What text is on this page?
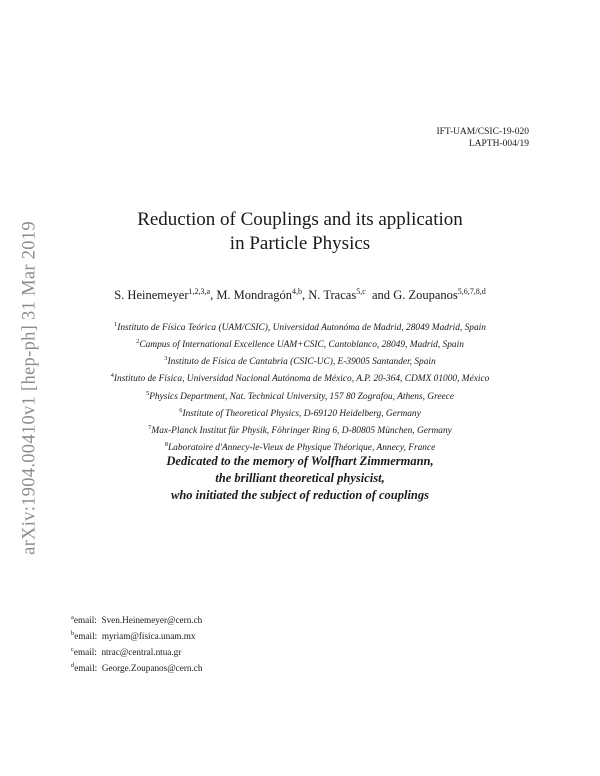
IFT-UAM/CSIC-19-020
LAPTH-004/19
arXiv:1904.00410v1 [hep-ph] 31 Mar 2019
Reduction of Couplings and its application
in Particle Physics
S. Heinemeyer$^{1,2,3,a}$, M. Mondragón$^{4,b}$, N. Tracas$^{5,c}$  and G. Zoupanos$^{5,6,7,8,d}$
$^1$Instituto de Física Teórica (UAM/CSIC), Universidad Autonóma de Madrid, 28049 Madrid, Spain
$^2$Campus of International Excellence UAM+CSIC, Cantoblanco, 28049, Madrid, Spain
$^3$Instituto de Física de Cantabria (CSIC-UC), E-39005 Santander, Spain
$^4$Instituto de Física, Universidad Nacional Autónoma de México, A.P. 20-364, CDMX 01000, México
$^5$Physics Department, Nat. Technical University, 157 80 Zografou, Athens, Greece
$^6$Institute of Theoretical Physics, D-69120 Heidelberg, Germany
$^7$Max-Planck Institut für Physik, Föhringer Ring 6, D-80805 München, Germany
$^8$Laboratoire d'Annecy-le-Vieux de Physique Théorique, Annecy, France
Dedicated to the memory of Wolfhart Zimmermann,
the brilliant theoretical physicist,
who initiated the subject of reduction of couplings
$^a$email: Sven.Heinemeyer@cern.ch
$^b$email: myriam@fisica.unam.mx
$^c$email: ntrac@central.ntua.gr
$^d$email: George.Zoupanos@cern.ch
